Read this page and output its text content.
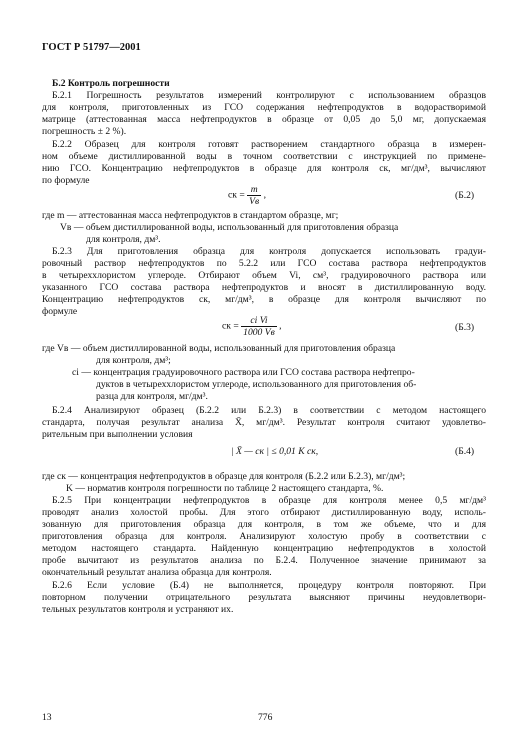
ГОСТ Р 51797—2001
Б.2 Контроль погрешности
Б.2.1 Погрешность результатов измерений контролируют с использованием образцов
для контроля, приготовленных из ГСО содержания нефтепродуктов в водорастворимой
матрице (аттестованная масса нефтепродуктов в образце от 0,05 до 5,0 мг, допускаемая
погрешность ± 2 %).
Б.2.2 Образец для контроля готовят растворением стандартного образца в измерен-
ном объеме дистиллированной воды в точном соответствии с инструкцией по примене-
нию ГСО. Концентрацию нефтепродуктов в образце для контроля cк, мг/дм³, вычисляют
по формуле
cк = $\frac{m}{Vв}$ ,	(Б.2)
где m — аттестованная масса нефтепродуктов в стандартом образце, мг;
Vв — объем дистиллированной воды, использованный для приготовления образца
для контроля, дм³.
Б.2.3 Для приготовления образца для контроля допускается использовать градуи-
ровочный раствор нефтепродуктов по 5.2.2 или ГСО состава раствора нефтепродуктов
в четыреххлористом углероде. Отбирают объем Vi, см³, градуировочного раствора или
указанного ГСО состава раствора нефтепродуктов и вносят в дистиллированную воду.
Концентрацию нефтепродуктов cк, мг/дм³, в образце для контроля вычисляют по
формуле
cк = $\frac{\text{ci Vi}}{1000 Vв}$ ,	(Б.3)
где Vв — объем дистиллированной воды, использованный для приготовления образца
для контроля, дм³;
ci — концентрация градуировочного раствора или ГСО состава раствора нефтепро-
дуктов в четыреххлористом углероде, использованного для приготовления об-
разца для контроля, мг/дм³.
Б.2.4 Анализируют образец (Б.2.2 или Б.2.3) в соответствии с методом настоящего
стандарта, получая результат анализа X̄, мг/дм³. Результат контроля считают удовлетво-
рительным при выполнении условия
| X̄ — cк | ≤ 0,01 K cк,	(Б.4)
где cк — концентрация нефтепродуктов в образце для контроля (Б.2.2 или Б.2.3), мг/дм³;
K — норматив контроля погрешности по таблице 2 настоящего стандарта, %.
Б.2.5 При концентрации нефтепродуктов в образце для контроля менее 0,5 мг/дм³
проводят анализ холостой пробы. Для этого отбирают дистиллированную воду, исполь-
зованную для приготовления образца для контроля, в том же объеме, что и для
приготовления образца для контроля. Анализируют холостую пробу в соответствии с
методом настоящего стандарта. Найденную концентрацию нефтепродуктов в холостой
пробе вычитают из результатов анализа по Б.2.4. Полученное значение принимают за
окончательный результат анализа образца для контроля.
Б.2.6 Если условие (Б.4) не выполняется, процедуру контроля повторяют. При
повторном получении отрицательного результата выясняют причины неудовлетвори-
тельных результатов контроля и устраняют их.
13	776
